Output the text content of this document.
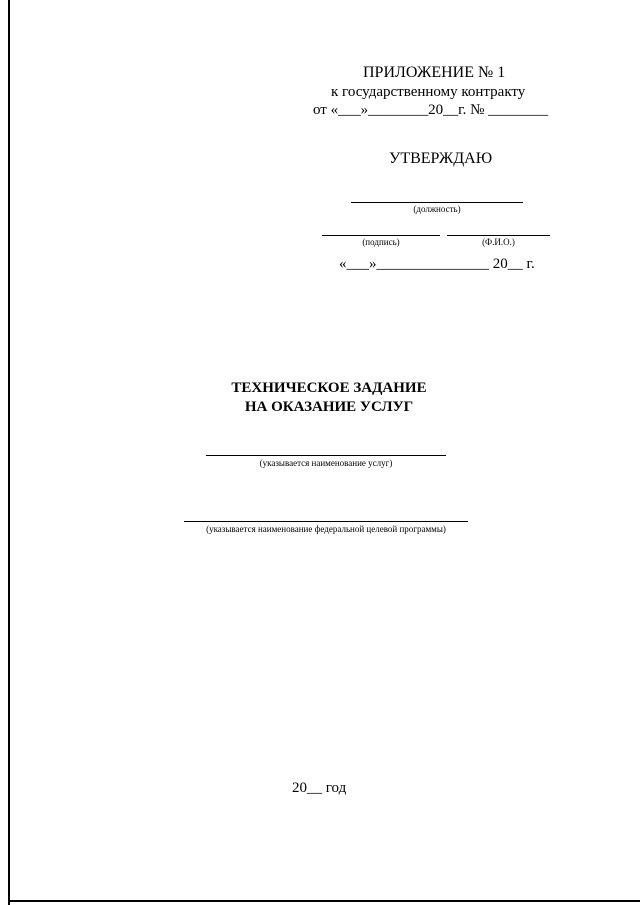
ПРИЛОЖЕНИЕ № 1
к государственному контракту
от «___»________20__г. № ________
УТВЕРЖДАЮ
(должность)
(подпись)	(Ф.И.О.)
«___»_______________ 20__ г.
ТЕХНИЧЕСКОЕ ЗАДАНИЕ
НА ОКАЗАНИЕ УСЛУГ
(указывается наименование услуг)
(указывается наименование федеральной целевой программы)
20__ год
